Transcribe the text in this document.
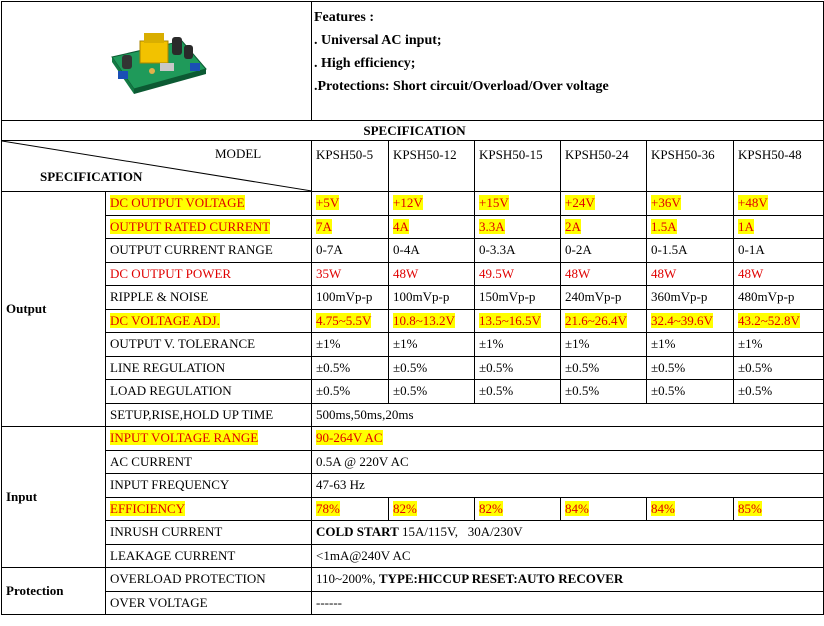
Features :
. Universal AC input;
. High efficiency;
.Protections: Short circuit/Overload/Over voltage					

SPECIFICATION							

MODEL
SPECIFICATION		KPSH50-5	KPSH50-12	KPSH50-15	KPSH50-24	KPSH50-36	KPSH50-48
Output	DC OUTPUT VOLTAGE	+5V	+12V	+15V	+24V	+36V	+48V
	OUTPUT RATED CURRENT	7A	4A	3.3A	2A	1.5A	1A
	OUTPUT CURRENT RANGE	0-7A	0-4A	0-3.3A	0-2A	0-1.5A	0-1A
	DC OUTPUT POWER	35W	48W	49.5W	48W	48W	48W
	RIPPLE & NOISE	100mVp-p	100mVp-p	150mVp-p	240mVp-p	360mVp-p	480mVp-p
	DC VOLTAGE ADJ.	4.75~5.5V	10.8~13.2V	13.5~16.5V	21.6~26.4V	32.4~39.6V	43.2~52.8V
	OUTPUT V. TOLERANCE	±1%	±1%	±1%	±1%	±1%	±1%
	LINE REGULATION	±0.5%	±0.5%	±0.5%	±0.5%	±0.5%	±0.5%
	LOAD REGULATION	±0.5%	±0.5%	±0.5%	±0.5%	±0.5%	±0.5%
	SETUP,RISE,HOLD UP TIME	500ms,50ms,20ms					
Input	INPUT VOLTAGE RANGE	90-264V AC					
	AC CURRENT	0.5A @ 220V AC					
	INPUT FREQUENCY	47-63 Hz					
	EFFICIENCY	78%	82%	82%	84%	84%	85%
	INRUSH CURRENT	COLD START 15A/115V,   30A/230V					
	LEAKAGE CURRENT	<1mA@240V AC					
Protection	OVERLOAD PROTECTION	110~200%, TYPE:HICCUP RESET:AUTO RECOVER					
	OVER VOLTAGE	------					
